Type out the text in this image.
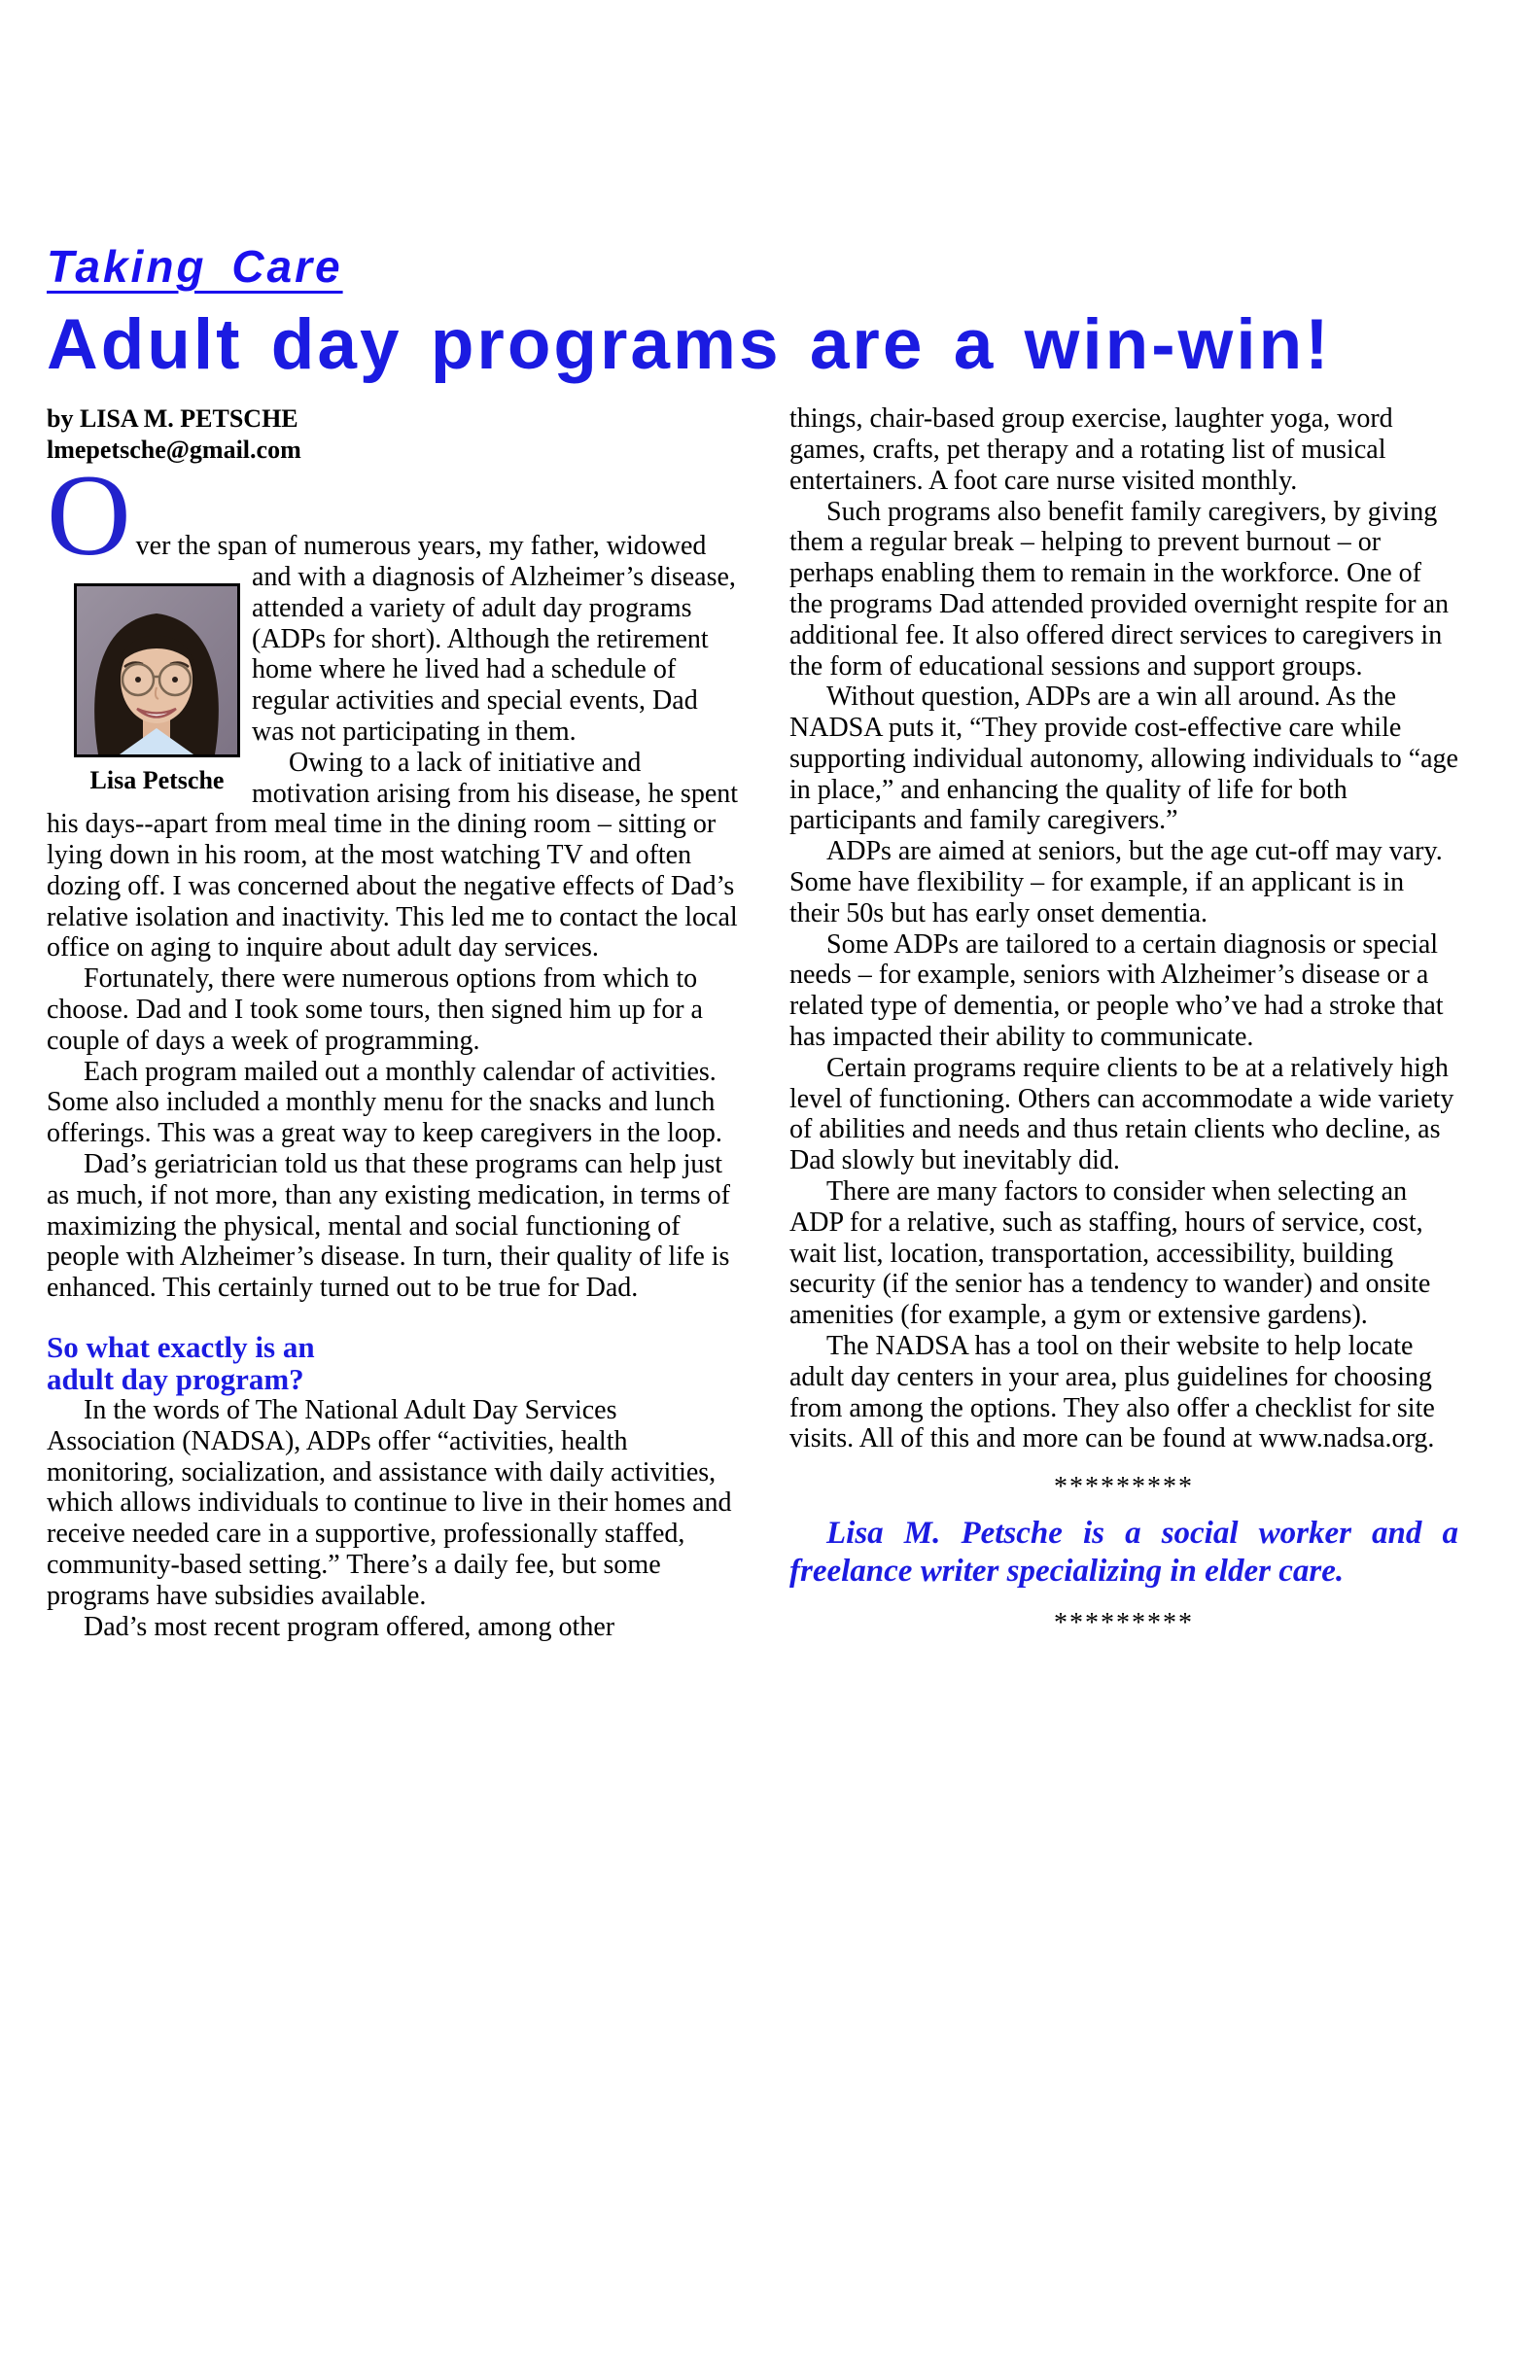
Taking Care
Adult day programs are a win-win!

by LISA M. PETSCHE

lmepetsche@gmail.com

Over the span of numerous years, my father, widowed and with a diagnosis of Alzheimer’s disease,
Lisa Petsche
attended a variety of adult day programs (ADPs for short). Although the retirement home where he lived had a schedule of regular activities and special events, Dad was not participating in them.

Owing to a lack of initiative and motivation arising from his disease, he spent his days--apart from meal time in the dining room – sitting or lying down in his room, at the most watching TV and often dozing off. I was concerned about the negative effects of Dad’s relative isolation and inactivity. This led me to contact the local office on aging to inquire about adult day services.

Fortunately, there were numerous options from which to choose. Dad and I took some tours, then signed him up for a couple of days a week of programming.

Each program mailed out a monthly calendar of activities. Some also included a monthly menu for the snacks and lunch offerings. This was a great way to keep caregivers in the loop.

Dad’s geriatrician told us that these programs can help just as much, if not more, than any existing medication, in terms of maximizing the physical, mental and social functioning of people with Alzheimer’s disease. In turn, their quality of life is enhanced. This certainly turned out to be true for Dad.

So what exactly is an
adult day program?

In the words of The National Adult Day Services Association (NADSA), ADPs offer “activities, health monitoring, socialization, and assistance with daily activities, which allows individuals to continue to live in their homes and receive needed care in a supportive, professionally staffed, community-based setting.” There’s a daily fee, but some programs have subsidies available.

Dad’s most recent program offered, among other

things, chair-based group exercise, laughter yoga, word games, crafts, pet therapy and a rotating list of musical entertainers. A foot care nurse visited monthly.

Such programs also benefit family caregivers, by giving them a regular break – helping to prevent burnout – or perhaps enabling them to remain in the workforce. One of the programs Dad attended provided overnight respite for an additional fee. It also offered direct services to caregivers in the form of educational sessions and support groups.

Without question, ADPs are a win all around. As the NADSA puts it, “They provide cost-effective care while supporting individual autonomy, allowing individuals to “age in place,” and enhancing the quality of life for both participants and family caregivers.”

ADPs are aimed at seniors, but the age cut-off may vary. Some have flexibility – for example, if an applicant is in their 50s but has early onset dementia.

Some ADPs are tailored to a certain diagnosis or special needs – for example, seniors with Alzheimer’s disease or a related type of dementia, or people who’ve had a stroke that has impacted their ability to communicate.

Certain programs require clients to be at a relatively high level of functioning. Others can accommodate a wide variety of abilities and needs and thus retain clients who decline, as Dad slowly but inevitably did.

There are many factors to consider when selecting an ADP for a relative, such as staffing, hours of service, cost, wait list, location, transportation, accessibility, building security (if the senior has a tendency to wander) and onsite amenities (for example, a gym or extensive gardens).

The NADSA has a tool on their website to help locate adult day centers in your area, plus guidelines for choosing from among the options. They also offer a checklist for site visits. All of this and more can be found at www.nadsa.org.

*********
Lisa M. Petsche is a social worker and a freelance writer specializing in elder care.
*********
